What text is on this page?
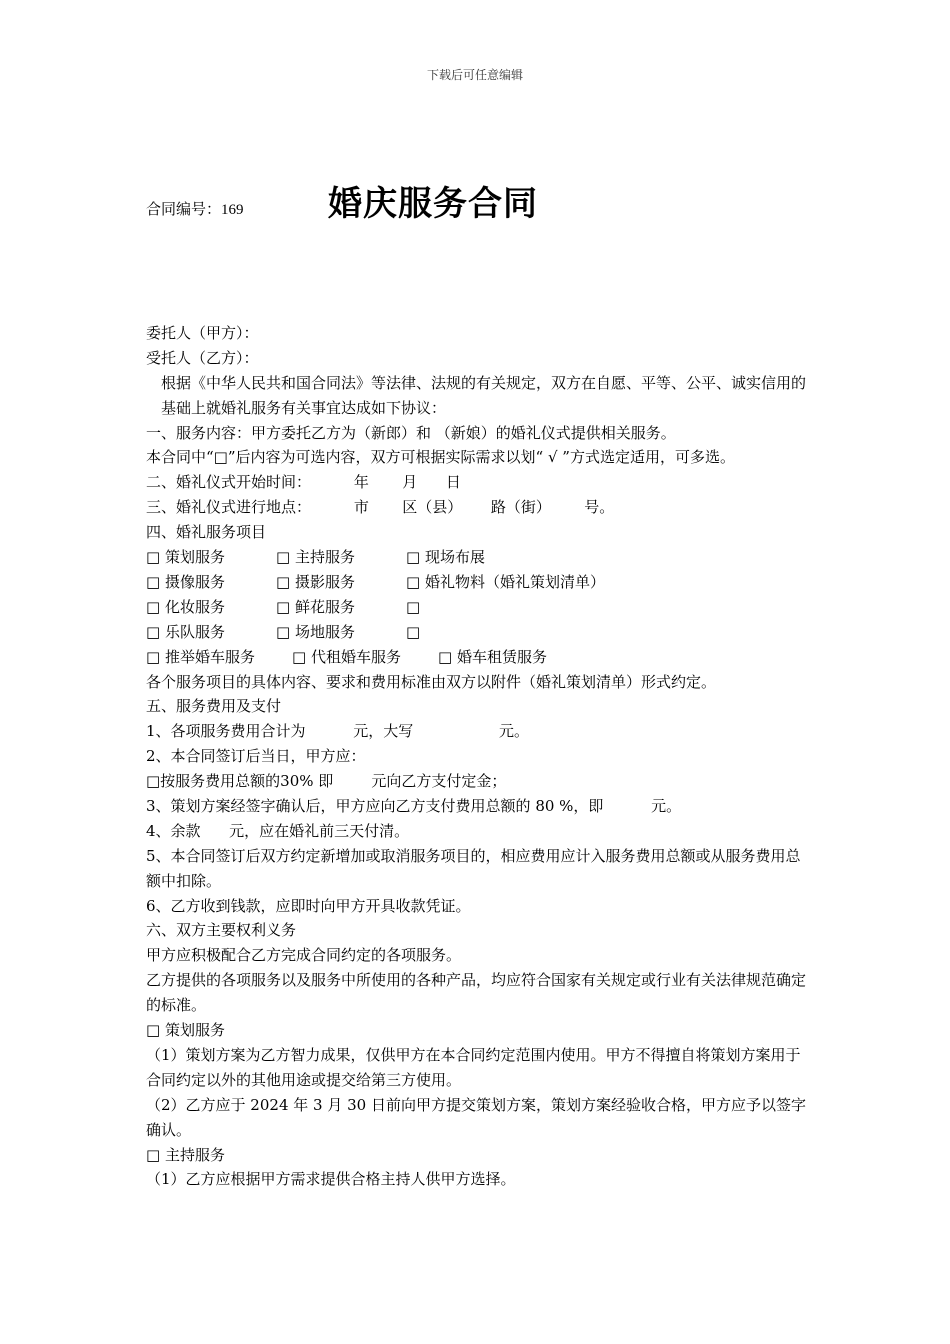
下载后可任意编辑
合同编号：169 婚庆服务合同
委托人（甲方）：
受托人（乙方）：
根据《中华人民共和国合同法》等法律、法规的有关规定，双方在自愿、平等、公平、诚实信用的基础上就婚礼服务有关事宜达成如下协议：
一、服务内容：甲方委托乙方为（新郎）和 （新娘）的婚礼仪式提供相关服务。
本合同中“□”后内容为可选内容，双方可根据实际需求以划“ √ ”方式选定适用，可多选。
二、婚礼仪式开始时间：         年       月      日
三、婚礼仪式进行地点：         市       区（县）      路（街）       号。
四、婚礼服务项目
□ 策划服务	□ 主持服务	□ 现场布展
□ 摄像服务	□ 摄影服务	□ 婚礼物料（婚礼策划清单）
□ 化妆服务	□ 鲜花服务	□
□ 乐队服务	□ 场地服务	□
□ 推举婚车服务	□ 代租婚车服务	□ 婚车租赁服务
各个服务项目的具体内容、要求和费用标准由双方以附件（婚礼策划清单）形式约定。
五、服务费用及支付
1、各项服务费用合计为          元，大写                  元。
2、本合同签订后当日，甲方应：
□按服务费用总额的30% 即        元向乙方支付定金；
3、策划方案经签字确认后，甲方应向乙方支付费用总额的 80 %，即          元。
4、余款      元，应在婚礼前三天付清。
5、本合同签订后双方约定新增加或取消服务项目的，相应费用应计入服务费用总额或从服务费用总额中扣除。
6、乙方收到钱款，应即时向甲方开具收款凭证。
六、双方主要权利义务
甲方应积极配合乙方完成合同约定的各项服务。
乙方提供的各项服务以及服务中所使用的各种产品，均应符合国家有关规定或行业有关法律规范确定的标准。
□ 策划服务
（1）策划方案为乙方智力成果，仅供甲方在本合同约定范围内使用。甲方不得擅自将策划方案用于合同约定以外的其他用途或提交给第三方使用。
（2）乙方应于 2024 年 3 月 30 日前向甲方提交策划方案，策划方案经验收合格，甲方应予以签字确认。
□ 主持服务
（1）乙方应根据甲方需求提供合格主持人供甲方选择。
